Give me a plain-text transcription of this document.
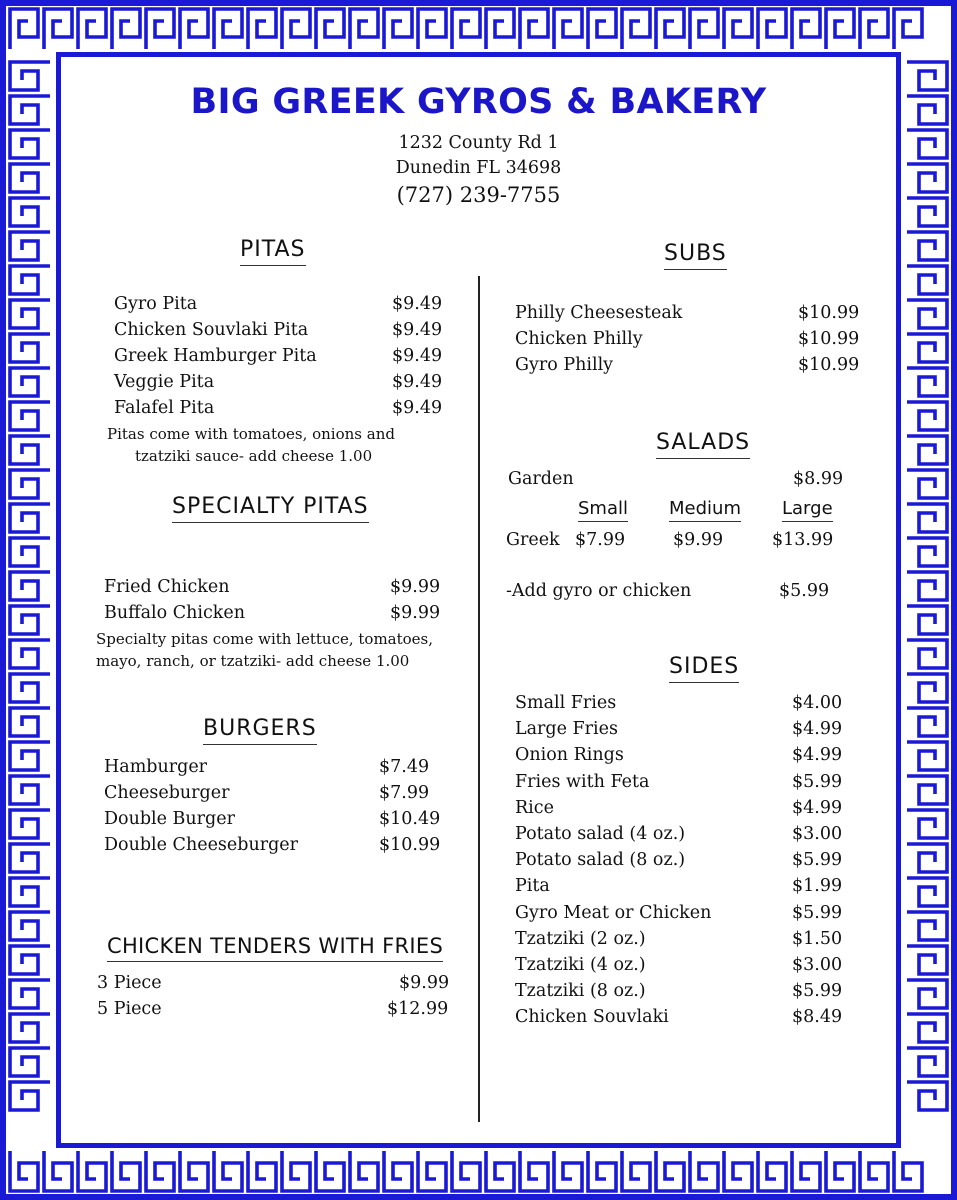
BIG GREEK GYROS & BAKERY
1232 County Rd 1
Dunedin FL 34698
(727) 239-7755
PITAS
Gyro Pita	$9.49
Chicken Souvlaki Pita	$9.49
Greek Hamburger Pita	$9.49
Veggie Pita	$9.49
Falafel Pita	$9.49
Pitas come with tomatoes, onions and
tzatziki sauce- add cheese 1.00
SPECIALTY PITAS
Fried Chicken	$9.99
Buffalo Chicken	$9.99
Specialty pitas come with lettuce, tomatoes,
mayo, ranch, or tzatziki- add cheese 1.00
BURGERS
Hamburger	$7.49
Cheeseburger	$7.99
Double Burger	$10.49
Double Cheeseburger	$10.99
CHICKEN TENDERS WITH FRIES
3 Piece	$9.99
5 Piece	$12.99
SUBS
Philly Cheesesteak	$10.99
Chicken Philly	$10.99
Gyro Philly	$10.99
SALADS
Garden	$8.99
Small Medium Large
Greek $7.99	$9.99	$13.99
-Add gyro or chicken	$5.99
SIDES
Small Fries	$4.00
Large Fries	$4.99
Onion Rings	$4.99
Fries with Feta	$5.99
Rice	$4.99
Potato salad (4 oz.)	$3.00
Potato salad (8 oz.)	$5.99
Pita	$1.99
Gyro Meat or Chicken	$5.99
Tzatziki (2 oz.)	$1.50
Tzatziki (4 oz.)	$3.00
Tzatziki (8 oz.)	$5.99
Chicken Souvlaki	$8.49
